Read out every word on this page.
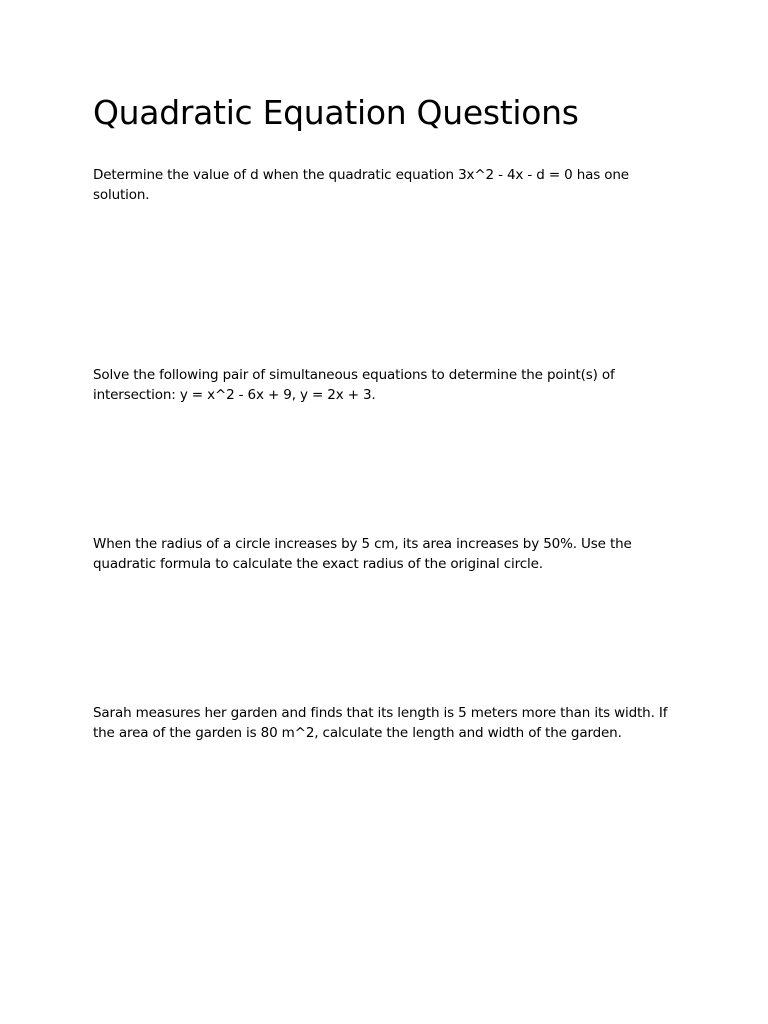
Quadratic Equation Questions

Determine the value of d when the quadratic equation 3x^2 - 4x - d = 0 has one solution.

Solve the following pair of simultaneous equations to determine the point(s) of intersection: y = x^2 - 6x + 9, y = 2x + 3.

When the radius of a circle increases by 5 cm, its area increases by 50%. Use the quadratic formula to calculate the exact radius of the original circle.

Sarah measures her garden and finds that its length is 5 meters more than its width. If the area of the garden is 80 m^2, calculate the length and width of the garden.
